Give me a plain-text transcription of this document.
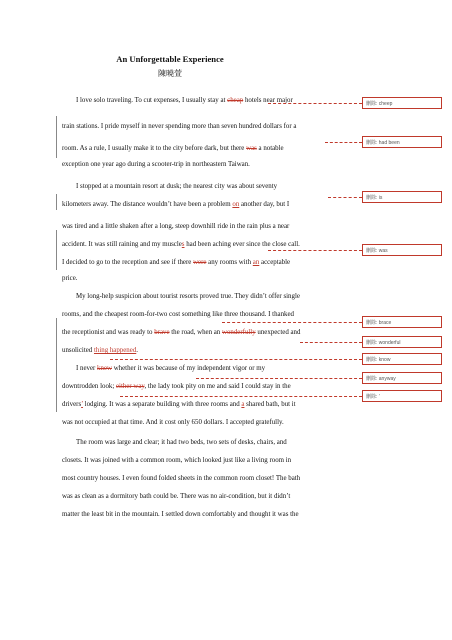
An Unforgettable Experience
陳曉萱
I love solo traveling. To cut expenses, I usually stay at cheap hotels near major
train stations. I pride myself in never spending more than seven hundred dollars for a
room. As a rule, I usually make it to the city before dark, but there was a notable
exception one year ago during a scooter-trip in northeastern Taiwan.
I stopped at a mountain resort at dusk; the nearest city was about seventy
kilometers away. The distance wouldn’t have been a problem on another day, but I
was tired and a little shaken after a long, steep downhill ride in the rain plus a near
accident. It was still raining and my muscles had been aching ever since the close call.
I decided to go to the reception and see if there were any rooms with an acceptable
price.
My long-help suspicion about tourist resorts proved true. They didn’t offer single
rooms, and the cheapest room-for-two cost something like three thousand. I thanked
the receptionist and was ready to brave the road, when an wonderfully unexpected and
unsolicited thing happened.
I never knew whether it was because of my independent vigor or my
downtrodden look; either way, the lady took pity on me and said I could stay in the
drivers’ lodging. It was a separate building with three rooms and a shared bath, but it
was not occupied at that time. And it cost only 650 dollars. I accepted gratefully.
The room was large and clear; it had two beds, two sets of desks, chairs, and
closets. It was joined with a common room, which looked just like a living room in
most country houses. I even found folded sheets in the common room closet! The bath
was as clean as a dormitory bath could be. There was no air-condition, but it didn’t
matter the least bit in the mountain. I settled down comfortably and thought it was the
刪除: cheep
刪除: had been
刪除: is
刪除: was
刪除: brace
刪除: wonderful
刪除: know
刪除: anyway
刪除: ’
